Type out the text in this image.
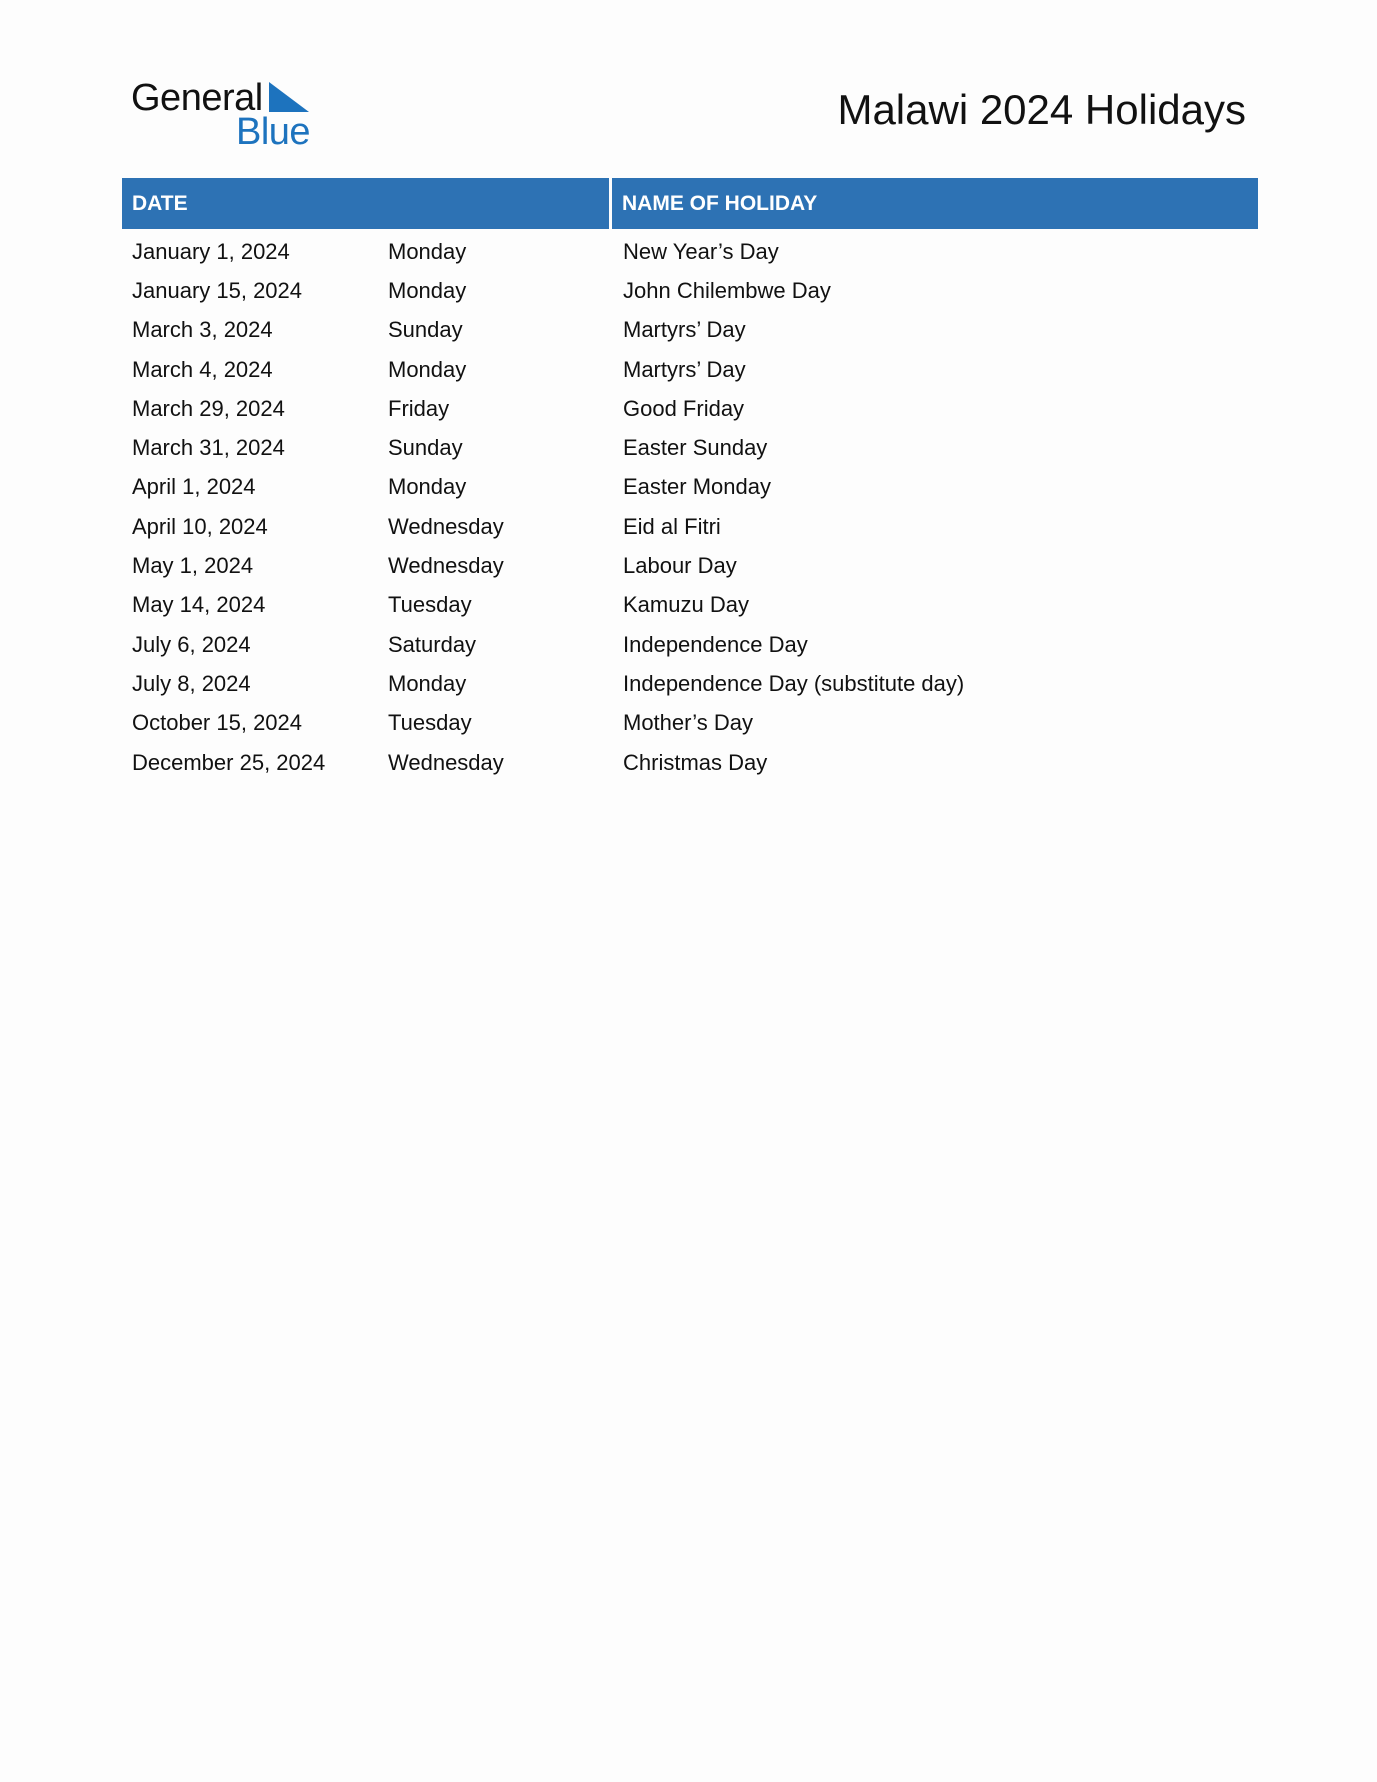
General
Blue	Malawi 2024 Holidays
DATE	NAME OF HOLIDAY
January 1, 2024	Monday	New Year’s Day
January 15, 2024	Monday	John Chilembwe Day
March 3, 2024	Sunday	Martyrs’ Day
March 4, 2024	Monday	Martyrs’ Day
March 29, 2024	Friday	Good Friday
March 31, 2024	Sunday	Easter Sunday
April 1, 2024	Monday	Easter Monday
April 10, 2024	Wednesday	Eid al Fitri
May 1, 2024	Wednesday	Labour Day
May 14, 2024	Tuesday	Kamuzu Day
July 6, 2024	Saturday	Independence Day
July 8, 2024	Monday	Independence Day (substitute day)
October 15, 2024	Tuesday	Mother’s Day
December 25, 2024	Wednesday	Christmas Day
